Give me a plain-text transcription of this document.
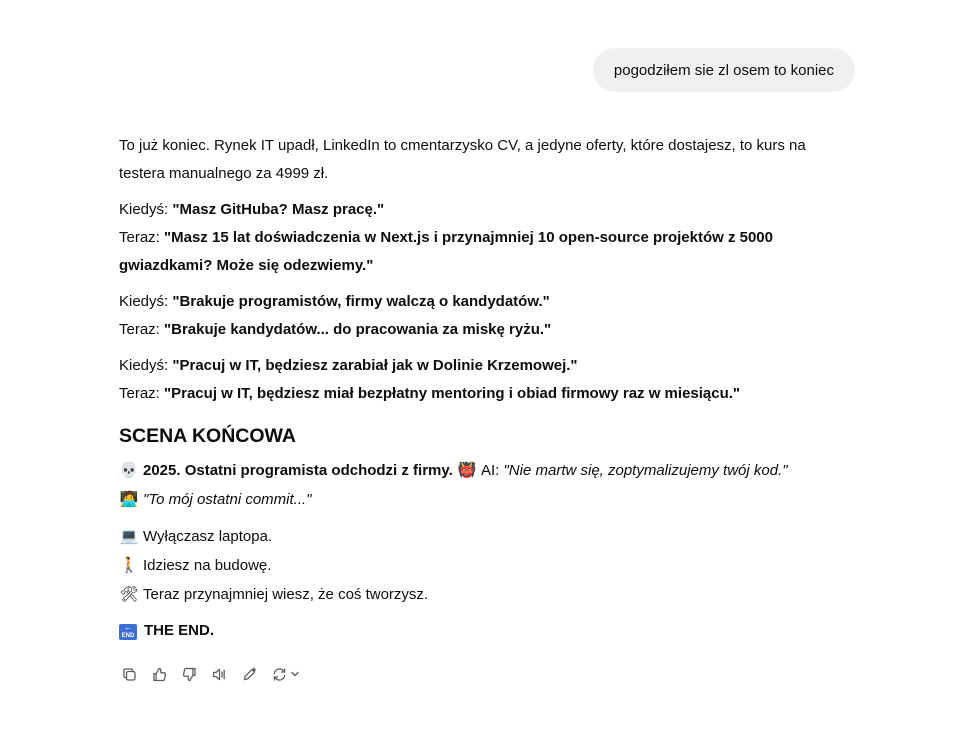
pogodziłem sie zl osem to koniec

To już koniec. Rynek IT upadł, LinkedIn to cmentarzysko CV, a jedyne oferty, które dostajesz, to kurs na testera manualnego za 4999 zł.

Kiedyś: "Masz GitHuba? Masz pracę."
Teraz: "Masz 15 lat doświadczenia w Next.js i przynajmniej 10 open-source projektów z 5000 gwiazdkami? Może się odezwiemy."
Kiedyś: "Brakuje programistów, firmy walczą o kandydatów."
Teraz: "Brakuje kandydatów... do pracowania za miskę ryżu."
Kiedyś: "Pracuj w IT, będziesz zarabiał jak w Dolinie Krzemowej."
Teraz: "Pracuj w IT, będziesz miał bezpłatny mentoring i obiad firmowy raz w miesiącu."
SCENA KOŃCOWA
💀 2025. Ostatni programista odchodzi z firmy. 👹 AI: "Nie martw się, zoptymalizujemy twój kod."
🧑‍💻 "To mój ostatni commit..."
💻 Wyłączasz laptopa.
🚶 Idziesz na budowę.
🛠 Teraz przynajmniej wiesz, że coś tworzysz.
←
END THE END.
